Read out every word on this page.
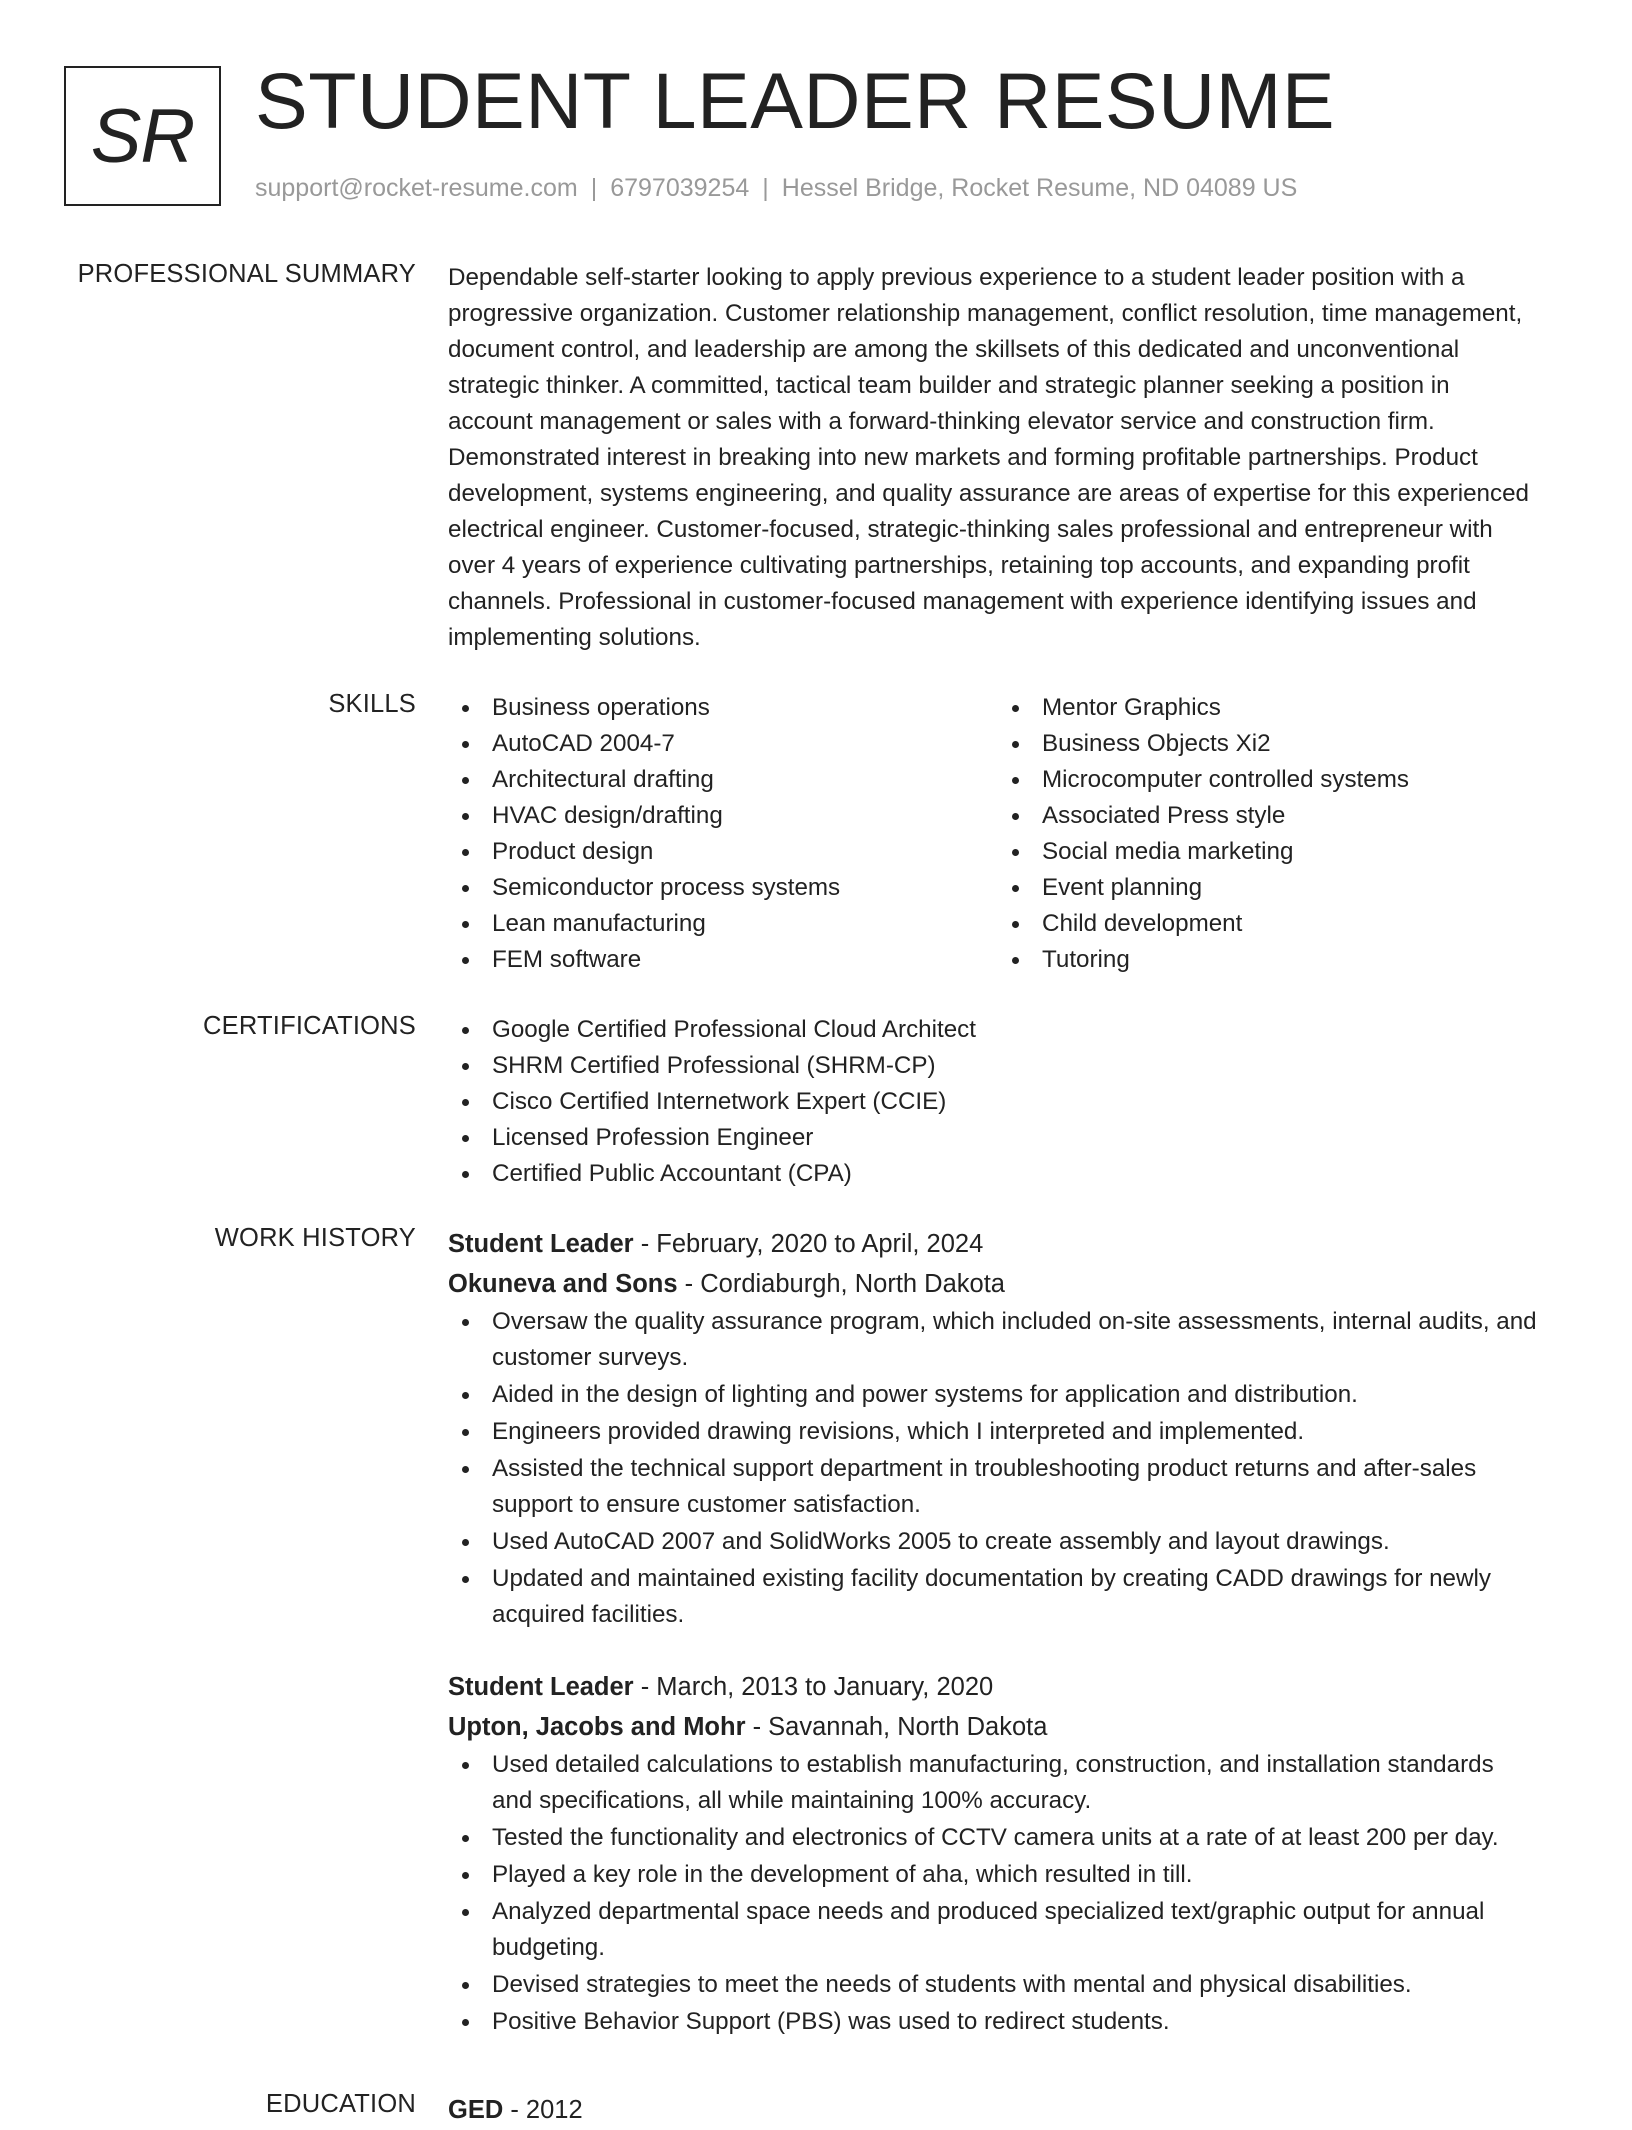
SR STUDENT LEADER RESUME
support@rocket-resume.com | 6797039254 | Hessel Bridge, Rocket Resume, ND 04089 US
PROFESSIONAL SUMMARY Dependable self-starter looking to apply previous experience to a student leader position with a

progressive organization. Customer relationship management, conflict resolution, time management,

document control, and leadership are among the skillsets of this dedicated and unconventional

strategic thinker. A committed, tactical team builder and strategic planner seeking a position in

account management or sales with a forward-thinking elevator service and construction firm.

Demonstrated interest in breaking into new markets and forming profitable partnerships. Product

development, systems engineering, and quality assurance are areas of expertise for this experienced

electrical engineer. Customer-focused, strategic-thinking sales professional and entrepreneur with

over 4 years of experience cultivating partnerships, retaining top accounts, and expanding profit

channels. Professional in customer-focused management with experience identifying issues and

implementing solutions.

SKILLS	Business operations
AutoCAD 2004-7
Architectural drafting
HVAC design/drafting
Product design
Semiconductor process systems
Lean manufacturing
FEM software
Mentor Graphics
Business Objects Xi2
Microcomputer controlled systems
Associated Press style
Social media marketing
Event planning
Child development
Tutoring
CERTIFICATIONS	Google Certified Professional Cloud Architect
SHRM Certified Professional (SHRM-CP)
Cisco Certified Internetwork Expert (CCIE)
Licensed Profession Engineer
Certified Public Accountant (CPA)
WORK HISTORY Student Leader - February, 2020 to April, 2024
Okuneva and Sons - Cordiaburgh, North Dakota
Oversaw the quality assurance program, which included on-site assessments, internal audits, and
customer surveys.
Aided in the design of lighting and power systems for application and distribution.
Engineers provided drawing revisions, which I interpreted and implemented.
Assisted the technical support department in troubleshooting product returns and after-sales
support to ensure customer satisfaction.
Used AutoCAD 2007 and SolidWorks 2005 to create assembly and layout drawings.
Updated and maintained existing facility documentation by creating CADD drawings for newly
acquired facilities.
Student Leader - March, 2013 to January, 2020
Upton, Jacobs and Mohr - Savannah, North Dakota
Used detailed calculations to establish manufacturing, construction, and installation standards
and specifications, all while maintaining 100% accuracy.
Tested the functionality and electronics of CCTV camera units at a rate of at least 200 per day.
Played a key role in the development of aha, which resulted in till.
Analyzed departmental space needs and produced specialized text/graphic output for annual
budgeting.
Devised strategies to meet the needs of students with mental and physical disabilities.
Positive Behavior Support (PBS) was used to redirect students.
EDUCATION GED - 2012
